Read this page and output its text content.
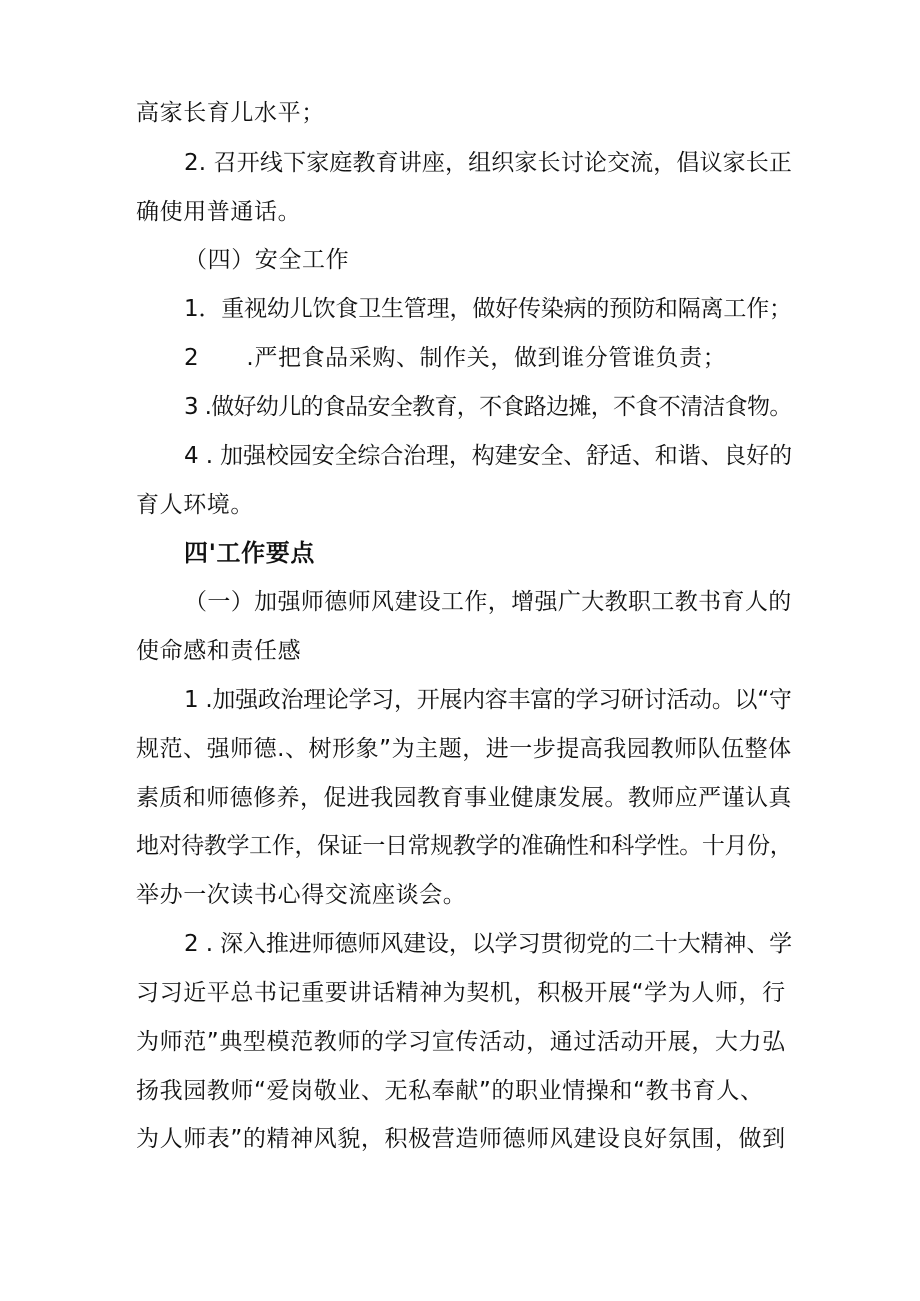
高家长育儿水平；
2. 召开线下家庭教育讲座，组织家长讨论交流，倡议家长正
确使用普通话。
（四）安全工作
1．重视幼儿饮食卫生管理，做好传染病的预防和隔离工作；
2　　.严把食品采购、制作关，做到谁分管谁负责；
3 .做好幼儿的食品安全教育，不食路边摊，不食不清洁食物。
4 . 加强校园安全综合治理，构建安全、舒适、和谐、良好的
育人环境。
四'工作要点
（一）加强师德师风建设工作，增强广大教职工教书育人的
使命感和责任感
1 .加强政治理论学习，开展内容丰富的学习研讨活动。以“守
规范、强师德.、树形象”为主题，进一步提高我园教师队伍整体
素质和师德修养，促进我园教育事业健康发展。教师应严谨认真
地对待教学工作，保证一日常规教学的准确性和科学性。十月份，
举办一次读书心得交流座谈会。
2 . 深入推进师德师风建设，以学习贯彻党的二十大精神、学
习习近平总书记重要讲话精神为契机，积极开展“学为人师，行
为师范”典型模范教师的学习宣传活动，通过活动开展，大力弘
扬我园教师“爱岗敬业、无私奉献”的职业情操和“教书育人、
为人师表”的精神风貌，积极营造师德师风建设良好氛围，做到
